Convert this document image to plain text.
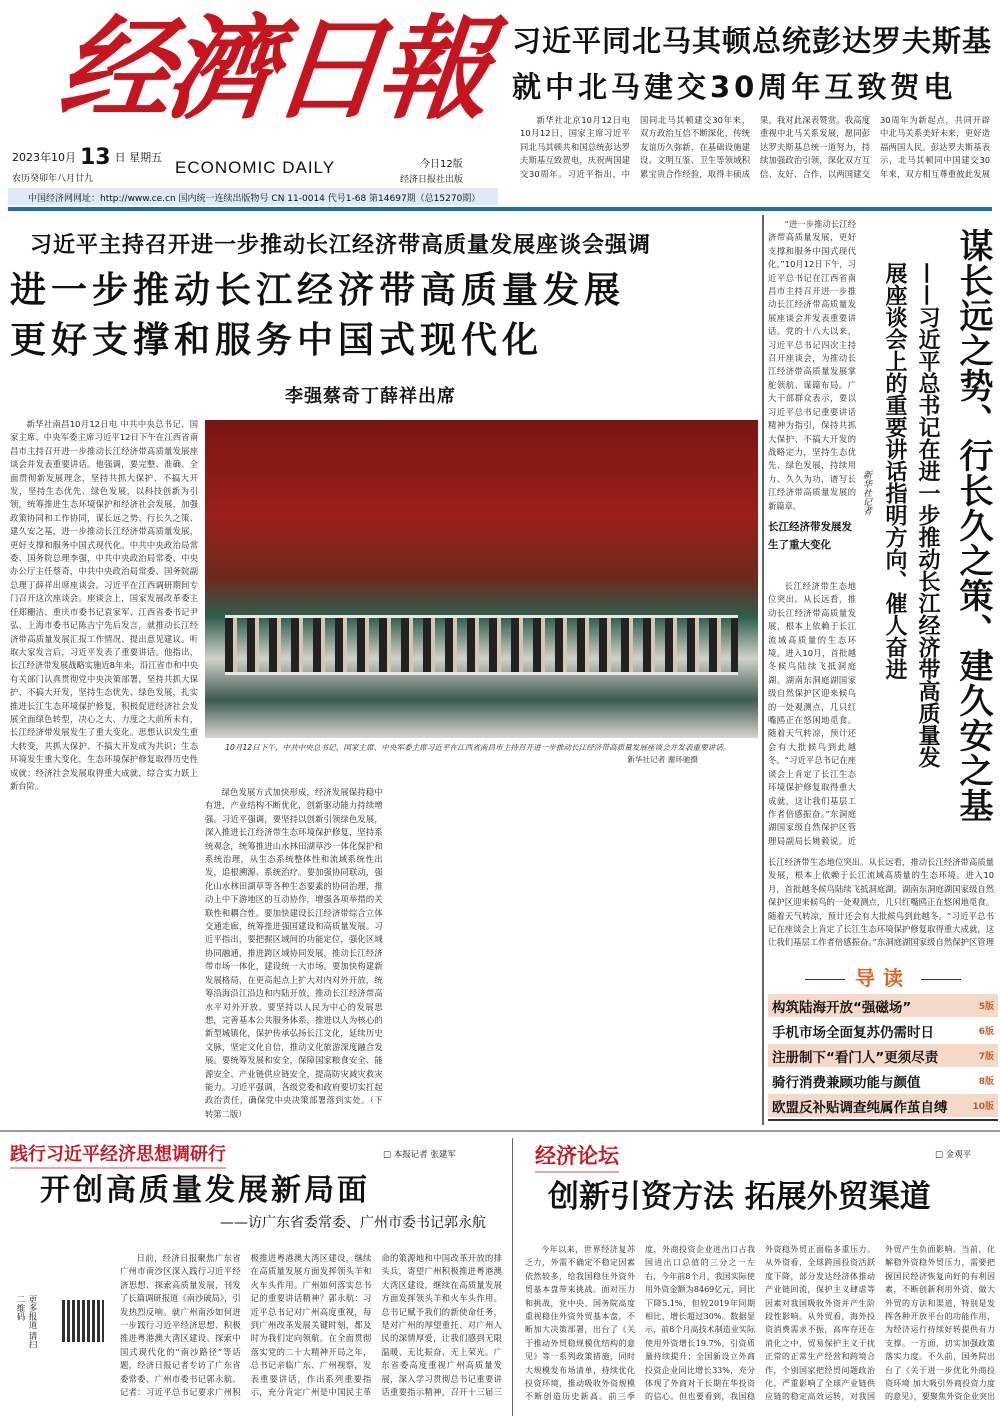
经濟日報
2023年10月 13 日 星期五
农历癸卯年八月廿九
ECONOMIC DAILY	今日12版
经济日报社出版
中国经济网网址：http://www.ce.cn 国内统一连续出版物号 CN 11-0014 代号1-68 第14697期（总15270期）
习近平同北马其顿总统彭达罗夫斯基
就中北马建交30周年互致贺电
新华社北京10月12日电 10月12日，国家主席习近平同北马其顿共和国总统彭达罗夫斯基互致贺电，庆祝两国建交30周年。习近平指出，中国同北马其顿建交30年来，双方政治互信不断深化，传统友谊历久弥新，在基础设施建设、文明互鉴、卫生等领域积累宝贵合作经验，取得丰硕成果。我对此深表赞赏。我高度重视中北马关系发展，愿同彭达罗夫斯基总统一道努力，持续加强政治引领，深化双方互信、友好、合作，以两国建交30周年为新起点，共同开辟中北马关系美好未来，更好造福两国人民。彭达罗夫斯基表示，北马其顿同中国建交30年来，双方相互尊重彼此发展
习近平主持召开进一步推动长江经济带高质量发展座谈会强调
进一步推动长江经济带高质量发展
更好支撑和服务中国式现代化
李强蔡奇丁薛祥出席
新华社南昌10月12日电 中共中央总书记、国家主席、中央军委主席习近平12日下午在江西省南昌市主持召开进一步推动长江经济带高质量发展座谈会并发表重要讲话。他强调，要完整、准确、全面贯彻新发展理念，坚持共抓大保护、不搞大开发，坚持生态优先、绿色发展，以科技创新为引领，统筹推进生态环境保护和经济社会发展，加强政策协同和工作协同，谋长远之势、行长久之策、建久安之基，进一步推动长江经济带高质量发展，更好支撑和服务中国式现代化。中共中央政治局常委、国务院总理李强，中共中央政治局常委、中央办公厅主任蔡奇，中共中央政治局常委、国务院副总理丁薛祥出席座谈会。习近平在江西调研期间专门召开这次座谈会。座谈会上，国家发展改革委主任郑栅洁、重庆市委书记袁家军、江西省委书记尹弘、上海市委书记陈吉宁先后发言，就推动长江经济带高质量发展汇报工作情况、提出意见建议。听取大家发言后，习近平发表了重要讲话。他指出，长江经济带发展战略实施近8年来，沿江省市和中央有关部门认真贯彻党中央决策部署，坚持共抓大保护、不搞大开发，坚持生态优先、绿色发展，扎实推进长江生态环境保护修复，积极促进经济社会发展全面绿色转型，决心之大、力度之大前所未有，长江经济带发展发生了重大变化。思想认识发生重大转变，共抓大保护、不搞大开发成为共识；生态环境发生重大变化，生态环境保护修复取得历史性成就；经济社会发展取得重大成就，综合实力跃上新台阶。
10月12日下午，中共中央总书记、国家主席、中央军委主席习近平在江西省南昌市主持召开进一步推动长江经济带高质量发展座谈会并发表重要讲话。
新华社记者 谢环驰摄
绿色发展方式加快形成，经济发展保持稳中有进，产业结构不断优化，创新驱动能力持续增强。习近平强调，要坚持以创新引领绿色发展，深入推进长江经济带生态环境保护修复，坚持系统观念，统筹推进山水林田湖草沙一体化保护和系统治理，从生态系统整体性和流域系统性出发，追根溯源、系统治疗。要加强协同联动，强化山水林田湖草等各种生态要素的协同治理，推动上中下游地区的互动协作，增强各项举措的关联性和耦合性。要加快建设长江经济带综合立体交通走廊，统筹推进强国建设和高质量发展。习近平指出，要把握区域间的功能定位，强化区域协同融通，推进跨区域协同发展，推动长江经济带市场一体化，建设统一大市场。要加快构建新发展格局，在更高起点上扩大对内对外开放，统筹沿海沿江沿边和内陆开放，推动长江经济带高水平对外开放。要坚持以人民为中心的发展思想，完善基本公共服务体系，推进以人为核心的新型城镇化，保护传承弘扬长江文化，延续历史文脉，坚定文化自信，推动文化旅游深度融合发展。要统筹发展和安全，保障国家粮食安全、能源安全、产业链供应链安全，提高防灾减灾救灾能力。习近平强调，各级党委和政府要切实扛起政治责任，确保党中央决策部署落到实处。（下转第二版）
“进一步推动长江经济带高质量发展，更好支撑和服务中国式现代化。”10月12日下午，习近平总书记在江西省南昌市主持召开进一步推动长江经济带高质量发展座谈会并发表重要讲话。党的十八大以来，习近平总书记四次主持召开座谈会，为推动长江经济带高质量发展掌舵领航、谋篇布局。广大干部群众表示，要以习近平总书记重要讲话精神为指引，保持共抓大保护、不搞大开发的战略定力，坚持生态优先、绿色发展，持续用力、久久为功，谱写长江经济带高质量发展的新篇章。
长江经济带发展发生了重大变化	谋长远之势、行长久之策、建久安之基
——习近平总书记在进一步推动长江经济带高质量发展座谈会上的重要讲话指明方向、催人奋进
新华社记者
长江经济带生态地位突出。从长远看，推动长江经济带高质量发展，根本上依赖于长江流域高质量的生态环境。进入10月，首批越冬候鸟陆续飞抵洞庭湖。湖南东洞庭湖国家级自然保护区迎来候鸟的一处观测点，几只红嘴鸥正在悠闲地觅食。随着天气转凉，预计还会有大批候鸟到此越冬。“习近平总书记在座谈会上肯定了长江生态环境保护修复取得重大成就，这让我们基层工作者倍感振奋。”东洞庭湖国家级自然保护区管理局副局长姚毅说。近
长江经济带生态地位突出。从长远看，推动长江经济带高质量发展，根本上依赖于长江流域高质量的生态环境。进入10月，首批越冬候鸟陆续飞抵洞庭湖。湖南东洞庭湖国家级自然保护区迎来候鸟的一处观测点，几只红嘴鸥正在悠闲地觅食。随着天气转凉，预计还会有大批候鸟到此越冬。“习近平总书记在座谈会上肯定了长江生态环境保护修复取得重大成就，这让我们基层工作者倍感振奋。”东洞庭湖国家级自然保护区管理
导读
构筑陆海开放“强磁场”	5版
手机市场全面复苏仍需时日	6版
注册制下“看门人”更须尽责	7版
骑行消费兼顾功能与颜值	8版
欧盟反补贴调查纯属作茧自缚	10版
践行习近平经济思想调研行	□ 本报记者 张建军
开创高质量发展新局面
——访广东省委常委、广州市委书记郭永航
日前，经济日报聚焦广东省广州市南沙区深入践行习近平经济思想、探索高质量发展，刊发了长篇调研报道《南沙破局》，引发热烈反响。就广州南沙如何进一步践行习近平经济思想、积极推进粤港澳大湾区建设、探索中国式现代化的“南沙路径”等话题，经济日报记者专访了广东省委常委、广州市委书记郭永航。记者：习近平总书记要求广州积极推进粤港澳大湾区建设，继续在高质量发展方面发挥领头羊和火车头作用。广州如何落实总书记的重要讲话精神？郭永航：习近平总书记对广州高度重视，每到广州改革发展关键时刻，都及时为我们定向领航。在全面贯彻落实党的二十大精神开局之年，总书记亲临广东、广州视察，发表重要讲话，作出系列重要指示，充分肯定广州是中国民主革命的策源地和中国改革开放的排头兵，寄望广州积极推进粤港澳大湾区建设，继续在高质量发展方面发挥领头羊和火车头作用。总书记赋予我们的新使命任务，是对广州的厚望重托、对广州人民的深情厚爱，让我们感到无限温暖、无比振奋、无上荣光。广东省委高度重视广州高质量发展，深入学习贯彻总书记重要讲话重要指示精神，召开十三届三
更多报道 请扫二维码
经济论坛	□ 金观平
创新引资方法 拓展外贸渠道
今年以来，世界经济复苏乏力，外需不确定不稳定因素依然较多，给我国稳住外资外贸基本盘带来挑战。面对压力和挑战，党中央、国务院高度重视稳住外资外贸基本盘，不断加大决策部署，出台了《关于推动外贸稳规模优结构的意见》等一系列政策措施，同时大规模发布场清单，持续优化投资环境，推动吸收外资规模不断创造历史新高。前三季度，外商投资企业进出口占我国进出口总值的三分之一左右，今年前8个月，我国实际使用外资金额为8469亿元，同比下降5.1%，但较2019年同期相比，增长超过30%。数据显示，前8个月高技术制造业实际使用外资增长19.7%，引资质量持续提升；全国新设立外商投资企业同比增长33%，充分体现了外商对于长期在华投资的信心。但也要看到，我国稳外资稳外贸正面临多重压力。从外资看，全球跨国投资活跃度下降，部分发达经济体推动产业链回流，保护主义肆虐等因素对我国吸收外资并产生阶段性影响。从外贸看，海外投资消费需求不振，高库存还在消化之中，贸易保护主义干扰正常的正常生产经营和跨境合作，个别国家把经贸问题政治化，严重影响了全球产业链供应链的稳定高效运转，对我国外贸产生负面影响。当前，化解稳外资稳外贸压力，需要把握国民经济恢复向好的有利因素，不断创新利用外资、做大外贸的方法和渠道，特别是发挥各种开放平台的功能作用，为经济运行持续好转提供有力支撑。一方面，切实加强政策落实力度。不久前，国务院出台了《关于进一步优化外商投资环境 加大吸引外商投资力度的意见》，要聚焦外资企业突出
